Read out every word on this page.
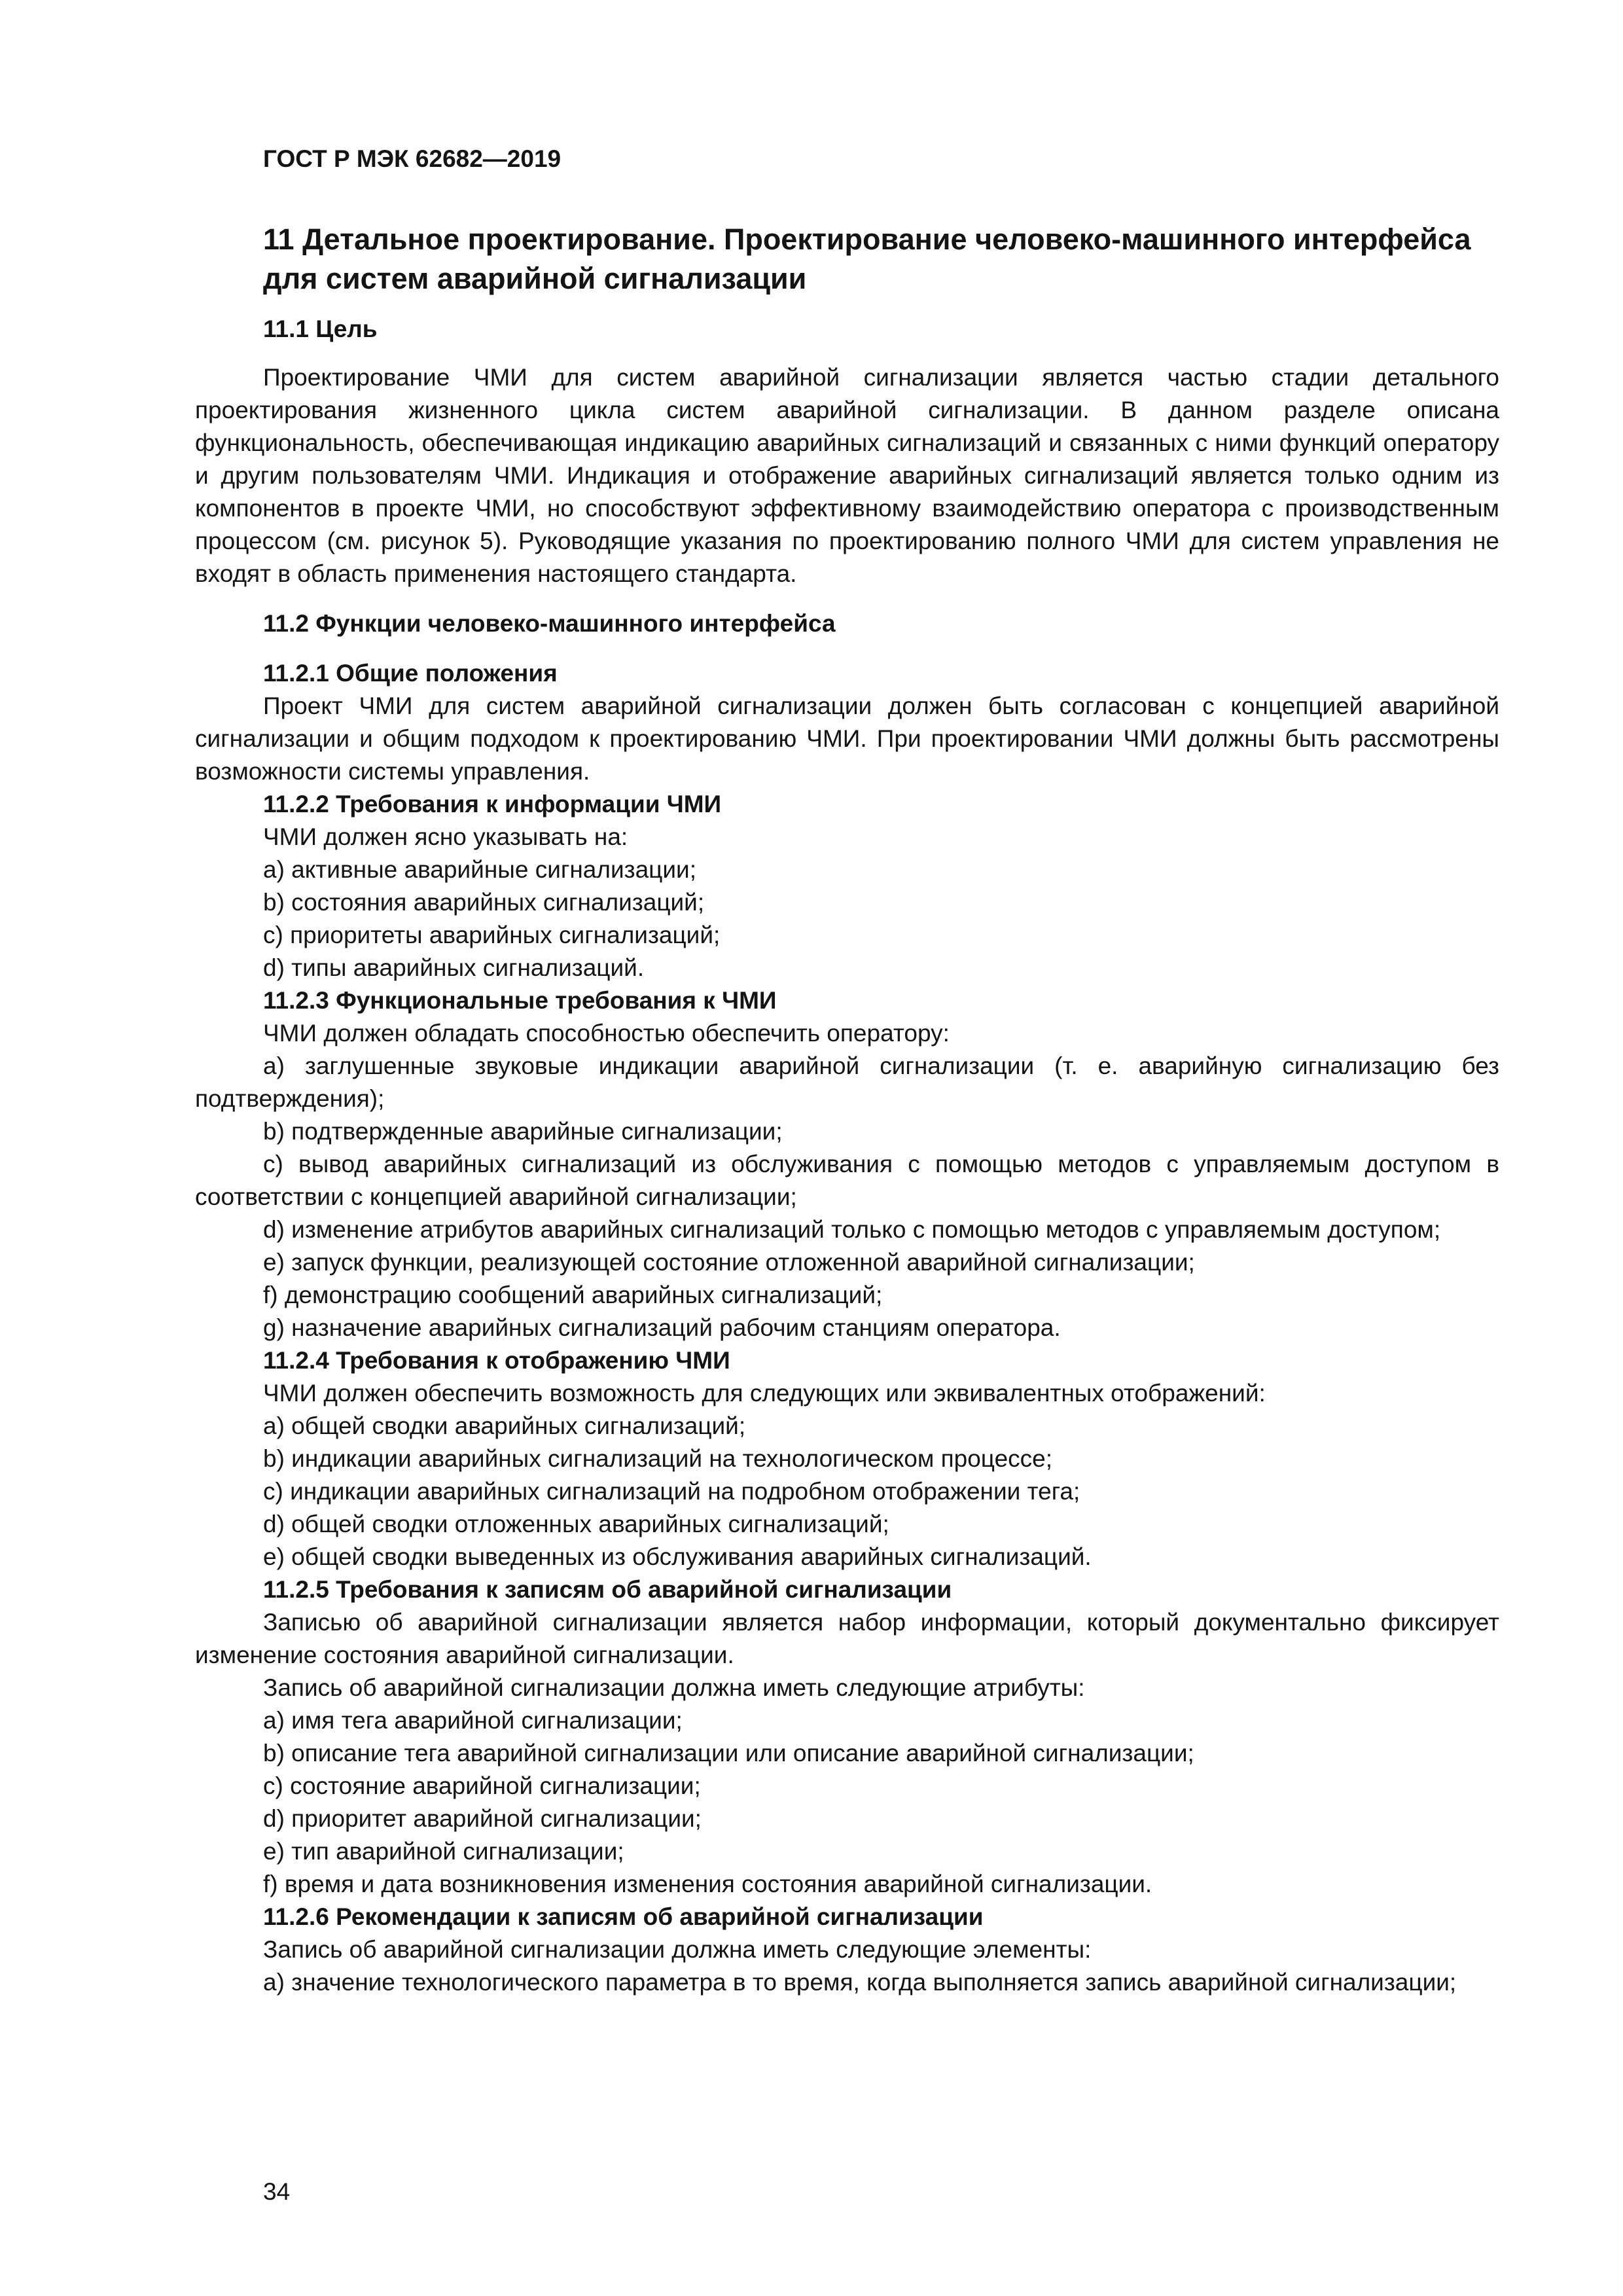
ГОСТ Р МЭК 62682—2019

11 Детальное проектирование. Проектирование человеко-машинного интерфейса для систем аварийной сигнализации
11.1 Цель

Проектирование ЧМИ для систем аварийной сигнализации является частью стадии детального проектирования жизненного цикла систем аварийной сигнализации. В данном разделе описана функциональность, обеспечивающая индикацию аварийных сигнализаций и связанных с ними функций оператору и другим пользователям ЧМИ. Индикация и отображение аварийных сигнализаций является только одним из компонентов в проекте ЧМИ, но способствуют эффективному взаимодействию оператора с производственным процессом (см. рисунок 5). Руководящие указания по проектированию полного ЧМИ для систем управления не входят в область применения настоящего стандарта.

11.2 Функции человеко-машинного интерфейса
11.2.1 Общие положения

Проект ЧМИ для систем аварийной сигнализации должен быть согласован с концепцией аварийной сигнализации и общим подходом к проектированию ЧМИ. При проектировании ЧМИ должны быть рассмотрены возможности системы управления.

11.2.2 Требования к информации ЧМИ

ЧМИ должен ясно указывать на:

a) активные аварийные сигнализации;

b) состояния аварийных сигнализаций;

c) приоритеты аварийных сигнализаций;

d) типы аварийных сигнализаций.

11.2.3 Функциональные требования к ЧМИ

ЧМИ должен обладать способностью обеспечить оператору:

a) заглушенные звуковые индикации аварийной сигнализации (т. е. аварийную сигнализацию без подтверждения);

b) подтвержденные аварийные сигнализации;

c) вывод аварийных сигнализаций из обслуживания с помощью методов с управляемым доступом в соответствии с концепцией аварийной сигнализации;

d) изменение атрибутов аварийных сигнализаций только с помощью методов с управляемым доступом;

e) запуск функции, реализующей состояние отложенной аварийной сигнализации;

f) демонстрацию сообщений аварийных сигнализаций;

g) назначение аварийных сигнализаций рабочим станциям оператора.

11.2.4 Требования к отображению ЧМИ

ЧМИ должен обеспечить возможность для следующих или эквивалентных отображений:

a) общей сводки аварийных сигнализаций;

b) индикации аварийных сигнализаций на технологическом процессе;

c) индикации аварийных сигнализаций на подробном отображении тега;

d) общей сводки отложенных аварийных сигнализаций;

e) общей сводки выведенных из обслуживания аварийных сигнализаций.

11.2.5 Требования к записям об аварийной сигнализации

Записью об аварийной сигнализации является набор информации, который документально фиксирует изменение состояния аварийной сигнализации.

Запись об аварийной сигнализации должна иметь следующие атрибуты:

a) имя тега аварийной сигнализации;

b) описание тега аварийной сигнализации или описание аварийной сигнализации;

c) состояние аварийной сигнализации;

d) приоритет аварийной сигнализации;

e) тип аварийной сигнализации;

f) время и дата возникновения изменения состояния аварийной сигнализации.

11.2.6 Рекомендации к записям об аварийной сигнализации

Запись об аварийной сигнализации должна иметь следующие элементы:

a) значение технологического параметра в то время, когда выполняется запись аварийной сигнализации;

34
